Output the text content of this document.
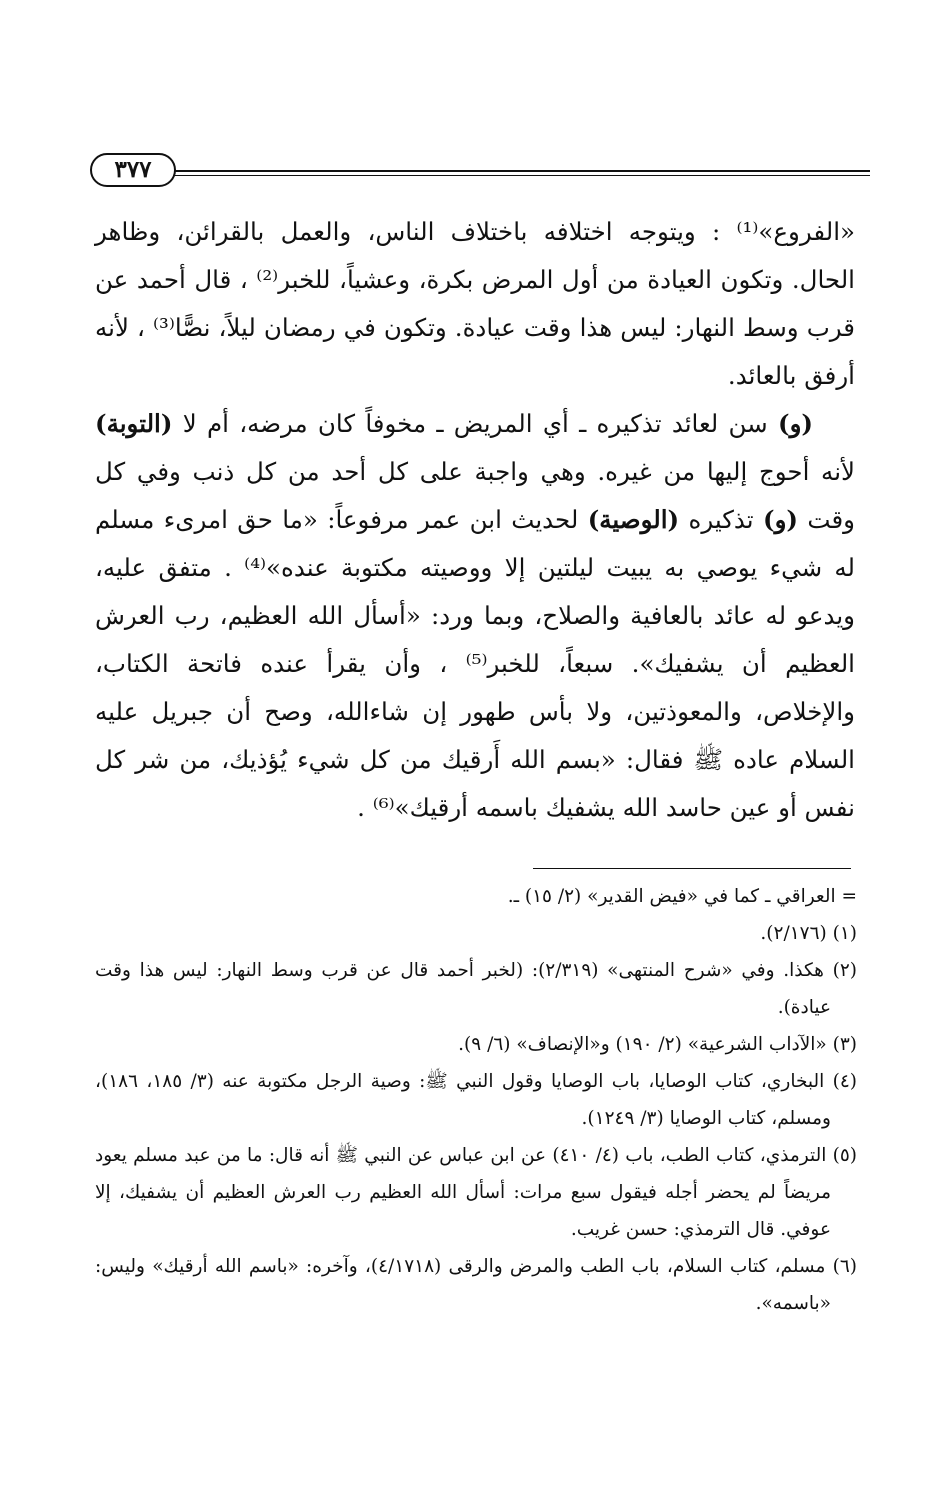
٣٧٧

«الفروع»⁽¹⁾ : ويتوجه اختلافه باختلاف الناس، والعمل بالقرائن، وظاهر الحال. وتكون العيادة من أول المرض بكرة، وعشياً، للخبر⁽²⁾ ، قال أحمد عن قرب وسط النهار: ليس هذا وقت عيادة. وتكون في رمضان ليلاً، نصًّا⁽³⁾ ، لأنه أرفق بالعائد.

(و) سن لعائد تذكيره ـ أي المريض ـ مخوفاً كان مرضه، أم لا (التوبة) لأنه أحوج إليها من غيره. وهي واجبة على كل أحد من كل ذنب وفي كل وقت (و) تذكيره (الوصية) لحديث ابن عمر مرفوعاً: «ما حق امرىء مسلم له شيء يوصي به يبيت ليلتين إلا ووصيته مكتوبة عنده»⁽⁴⁾ . متفق عليه، ويدعو له عائد بالعافية والصلاح، وبما ورد: «أسأل الله العظيم، رب العرش العظيم أن يشفيك». سبعاً، للخبر⁽⁵⁾ ، وأن يقرأ عنده فاتحة الكتاب، والإخلاص، والمعوذتين، ولا بأس طهور إن شاءالله، وصح أن جبريل عليه السلام عاده ﷺ فقال: «بسم الله أَرقيك من كل شيء يُؤذيك، من شر كل نفس أو عين حاسد الله يشفيك باسمه أرقيك»⁽⁶⁾ .

= العراقي ـ كما في «فيض القدير» (٢/ ١٥) ـ.

(١) (٢/١٧٦).

(٢) هكذا. وفي «شرح المنتهى» (٢/٣١٩): (لخبر أحمد قال عن قرب وسط النهار: ليس هذا وقت عيادة).

(٣) «الآداب الشرعية» (٢/ ١٩٠) و«الإنصاف» (٦/ ٩).

(٤) البخاري، كتاب الوصايا، باب الوصايا وقول النبي ﷺ: وصية الرجل مكتوبة عنه (٣/ ١٨٥، ١٨٦)، ومسلم، كتاب الوصايا (٣/ ١٢٤٩).

(٥) الترمذي، كتاب الطب، باب (٤/ ٤١٠) عن ابن عباس عن النبي ﷺ أنه قال: ما من عبد مسلم يعود مريضاً لم يحضر أجله فيقول سبع مرات: أسأل الله العظيم رب العرش العظيم أن يشفيك، إلا عوفي. قال الترمذي: حسن غريب.

(٦) مسلم، كتاب السلام، باب الطب والمرض والرقى (٤/١٧١٨)، وآخره: «باسم الله أرقيك» وليس: «باسمه».
